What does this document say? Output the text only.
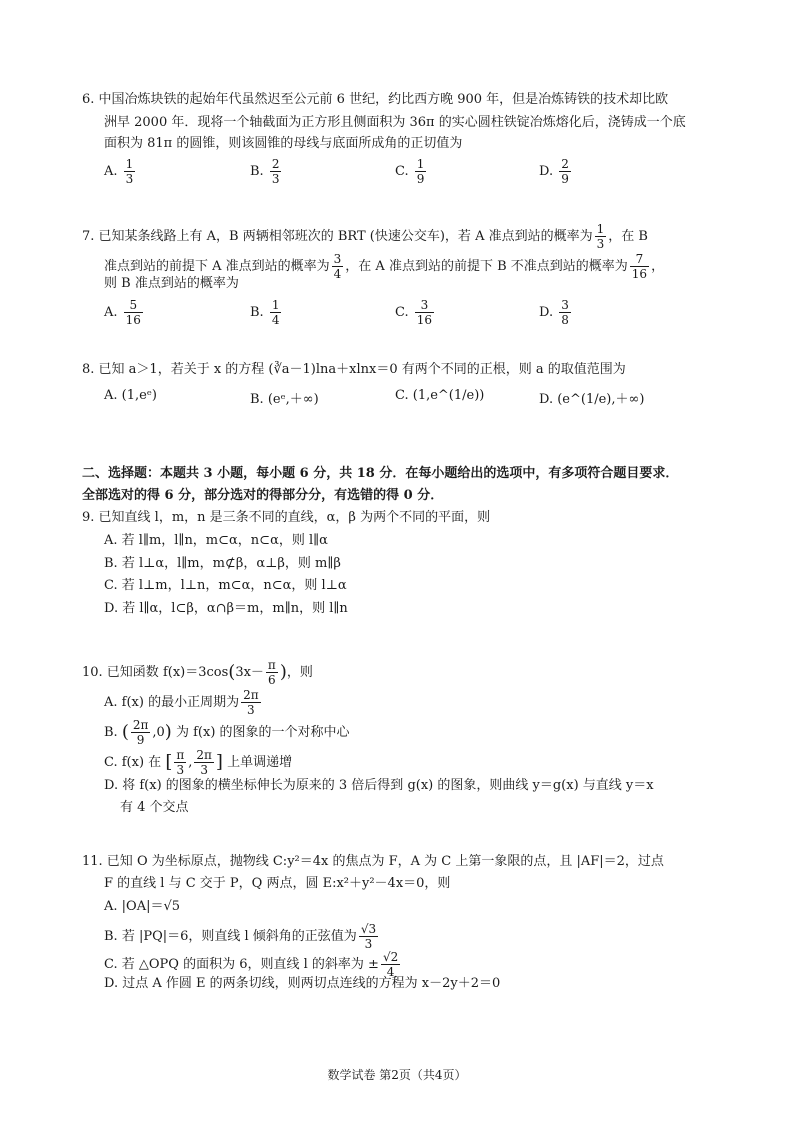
6. 中国冶炼块铁的起始年代虽然迟至公元前 6 世纪，约比西方晚 900 年，但是冶炼铸铁的技术却比欧
洲早 2000 年．现将一个轴截面为正方形且侧面积为 36π 的实心圆柱铁锭冶炼熔化后，浇铸成一个底
面积为 81π 的圆锥，则该圆锥的母线与底面所成角的正切值为
A. $\frac{1}{3}$	B. $\frac{2}{3}$	C. $\frac{1}{9}$	D. $\frac{2}{9}$
7. 已知某条线路上有 A，B 两辆相邻班次的 BRT (快速公交车)，若 A 准点到站的概率为 $\frac{1}{3}$ ，在 B
准点到站的前提下 A 准点到站的概率为 $\frac{3}{4}$ ，在 A 准点到站的前提下 B 不准点到站的概率为 $\frac{7}{16}$ ，
则 B 准点到站的概率为
A. $\frac{5}{16}$	B. $\frac{1}{4}$	C. $\frac{3}{16}$	D. $\frac{3}{8}$
8. 已知 a＞1，若关于 x 的方程 (∛a－1)lna＋xlnx＝0 有两个不同的正根，则 a 的取值范围为
A. (1,eᵉ)	B. (eᵉ,＋∞)	C. (1,e^(1/e))	D. (e^(1/e),＋∞)
二、选择题：本题共 3 小题，每小题 6 分，共 18 分．在每小题给出的选项中，有多项符合题目要求．
全部选对的得 6 分，部分选对的得部分分，有选错的得 0 分．
9. 已知直线 l，m，n 是三条不同的直线，α，β 为两个不同的平面，则
A. 若 l∥m，l∥n，m⊂α，n⊂α，则 l∥α
B. 若 l⊥α，l∥m，m⊄β，α⊥β，则 m∥β
C. 若 l⊥m，l⊥n，m⊂α，n⊂α，则 l⊥α
D. 若 l∥α，l⊂β，α∩β＝m，m∥n，则 l∥n
10. 已知函数 $f(x)=3\cos(3x- \frac{\pi}{6}$ )，则
A. f(x) 的最小正周期为 $\frac{2\pi}{3}$
B. ( $\frac{2\pi}{9} ,0$) 为 f(x) 的图象的一个对称中心
C. f(x) 在 [ $\frac{\pi}{3}$ , $\frac{2\pi}{3}$ ] 上单调递增
D. 将 f(x) 的图象的横坐标伸长为原来的 3 倍后得到 g(x) 的图象，则曲线 y＝g(x) 与直线 y＝x
有 4 个交点
11. 已知 O 为坐标原点，抛物线 C:y²＝4x 的焦点为 F，A 为 C 上第一象限的点，且 |AF|＝2，过点
F 的直线 l 与 C 交于 P，Q 两点，圆 E:x²＋y²－4x＝0，则
A. |OA|＝√5
B. 若 |PQ|＝6，则直线 l 倾斜角的正弦值为 $\frac{√3}{3}$
C. 若 △OPQ 的面积为 6，则直线 l 的斜率为 ± $\frac{√2}{4}$
D. 过点 A 作圆 E 的两条切线，则两切点连线的方程为 x－2y＋2＝0
数学试卷 第2页（共4页）
